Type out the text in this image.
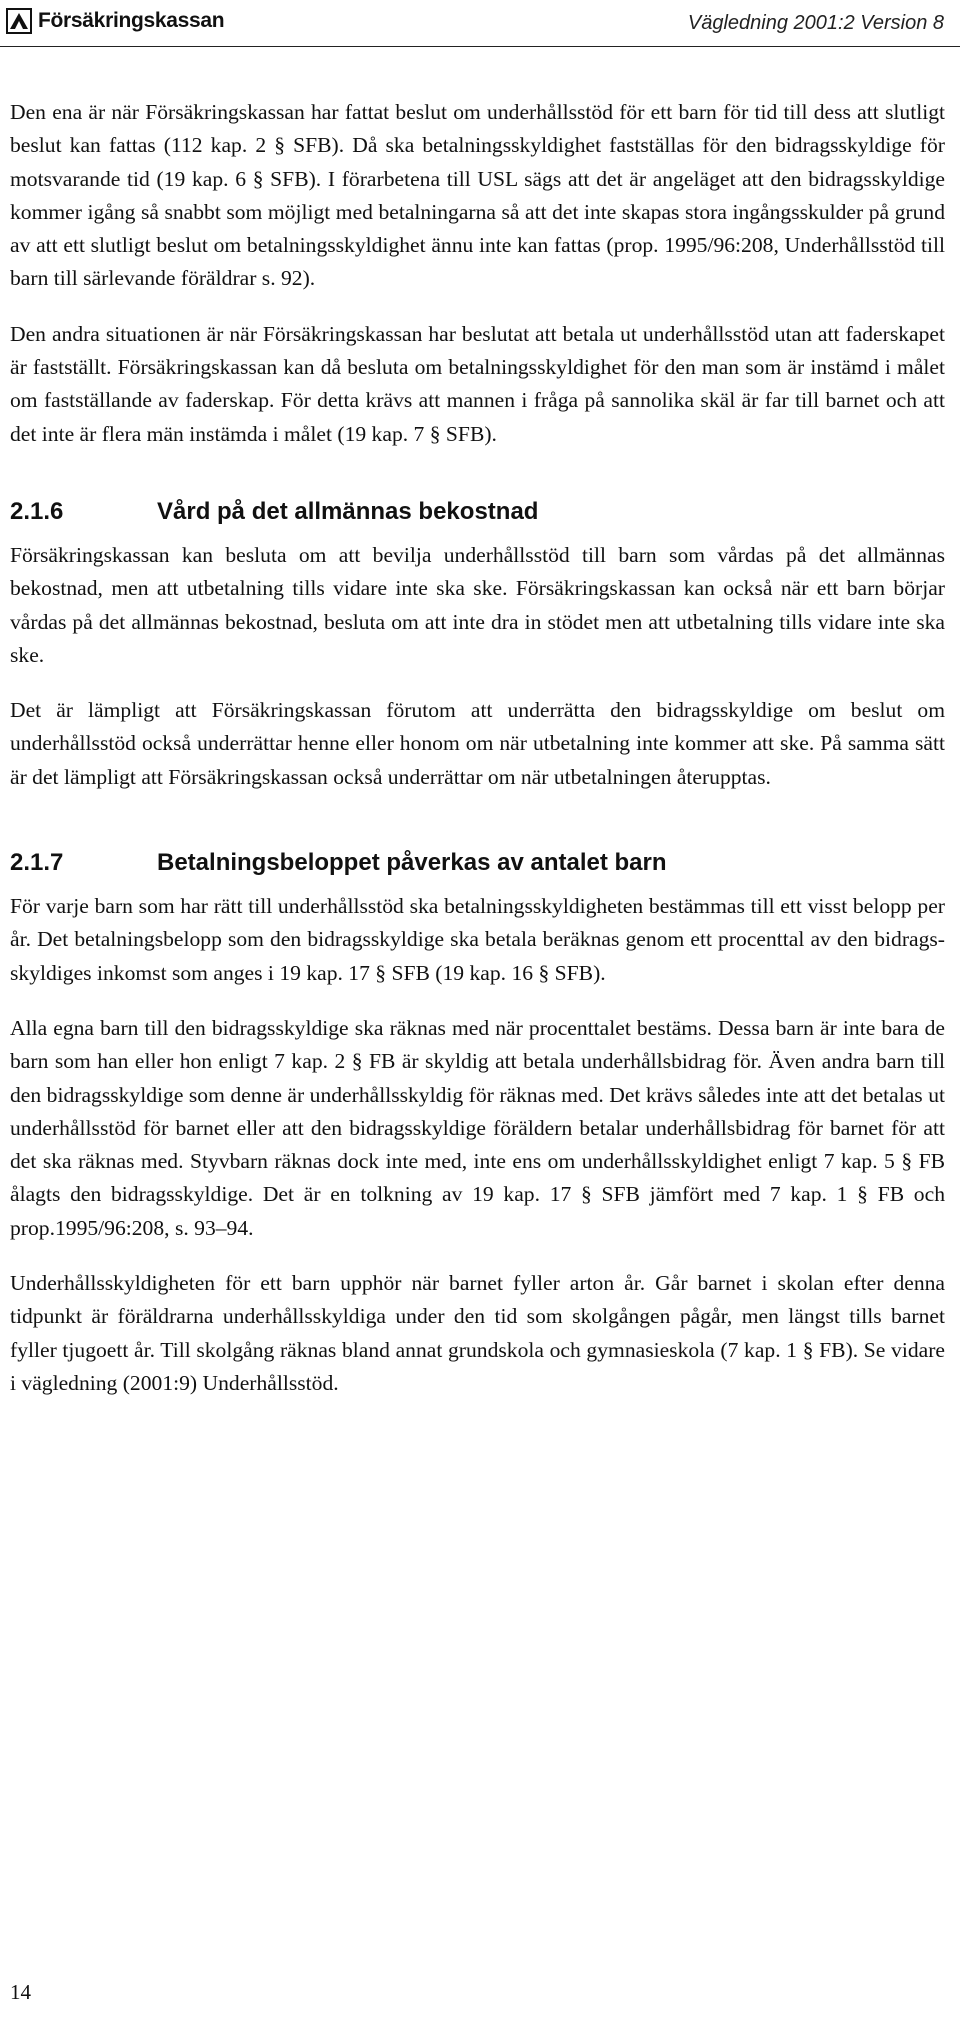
Försäkringskassan	Vägledning 2001:2 Version 8

Den ena är när Försäkringskassan har fattat beslut om underhållsstöd för ett barn för tid till dess att slutligt beslut kan fattas (112 kap. 2 § SFB). Då ska betalningsskyldighet fastställas för den bidragsskyldige för motsvarande tid (19 kap. 6 § SFB). I förarbetena till USL sägs att det är angeläget att den bidragsskyldige kommer igång så snabbt som möjligt med betalningarna så att det inte skapas stora ingångsskulder på grund av att ett slutligt beslut om betalningsskyldighet ännu inte kan fattas (prop. 1995/96:208, Underhållsstöd till barn till särlevande föräldrar s. 92).

Den andra situationen är när Försäkringskassan har beslutat att betala ut underhållsstöd utan att faderskapet är fastställt. Försäkringskassan kan då besluta om betalningsskyldighet för den man som är instämd i målet om fastställande av faderskap. För detta krävs att mannen i fråga på sannolika skäl är far till barnet och att det inte är flera män instämda i målet (19 kap. 7 § SFB).

2.1.6	Vård på det allmännas bekostnad

Försäkringskassan kan besluta om att bevilja underhållsstöd till barn som vårdas på det allmännas bekostnad, men att utbetalning tills vidare inte ska ske. Försäkringskassan kan också när ett barn börjar vårdas på det allmännas bekostnad, besluta om att inte dra in stödet men att utbetalning tills vidare inte ska ske.

Det är lämpligt att Försäkringskassan förutom att underrätta den bidragsskyldige om beslut om underhållsstöd också underrättar henne eller honom om när utbetalning inte kommer att ske. På samma sätt är det lämpligt att Försäkringskassan också underrättar om när utbetalningen återupptas.

2.1.7	Betalningsbeloppet påverkas av antalet barn

För varje barn som har rätt till underhållsstöd ska betalningsskyldigheten bestämmas till ett visst belopp per år. Det betalningsbelopp som den bidragsskyldige ska betala beräknas genom ett procenttal av den bidragsskyldiges inkomst som anges i 19 kap. 17 § SFB (19 kap. 16 § SFB).

Alla egna barn till den bidragsskyldige ska räknas med när procenttalet bestäms. Dessa barn är inte bara de barn som han eller hon enligt 7 kap. 2 § FB är skyldig att betala underhållsbidrag för. Även andra barn till den bidragsskyldige som denne är underhållsskyldig för räknas med. Det krävs således inte att det betalas ut underhållsstöd för barnet eller att den bidragsskyldige föräldern betalar underhållsbidrag för barnet för att det ska räknas med. Styvbarn räknas dock inte med, inte ens om underhållsskyldighet enligt 7 kap. 5 § FB ålagts den bidragsskyldige. Det är en tolkning av 19 kap. 17 § SFB jämfört med 7 kap. 1 § FB och prop.1995/96:208, s. 93–94.

Underhållsskyldigheten för ett barn upphör när barnet fyller arton år. Går barnet i skolan efter denna tidpunkt är föräldrarna underhållsskyldiga under den tid som skolgången pågår, men längst tills barnet fyller tjugoett år. Till skolgång räknas bland annat grundskola och gymnasieskola (7 kap. 1 § FB). Se vidare i vägledning (2001:9) Underhållsstöd.

14
